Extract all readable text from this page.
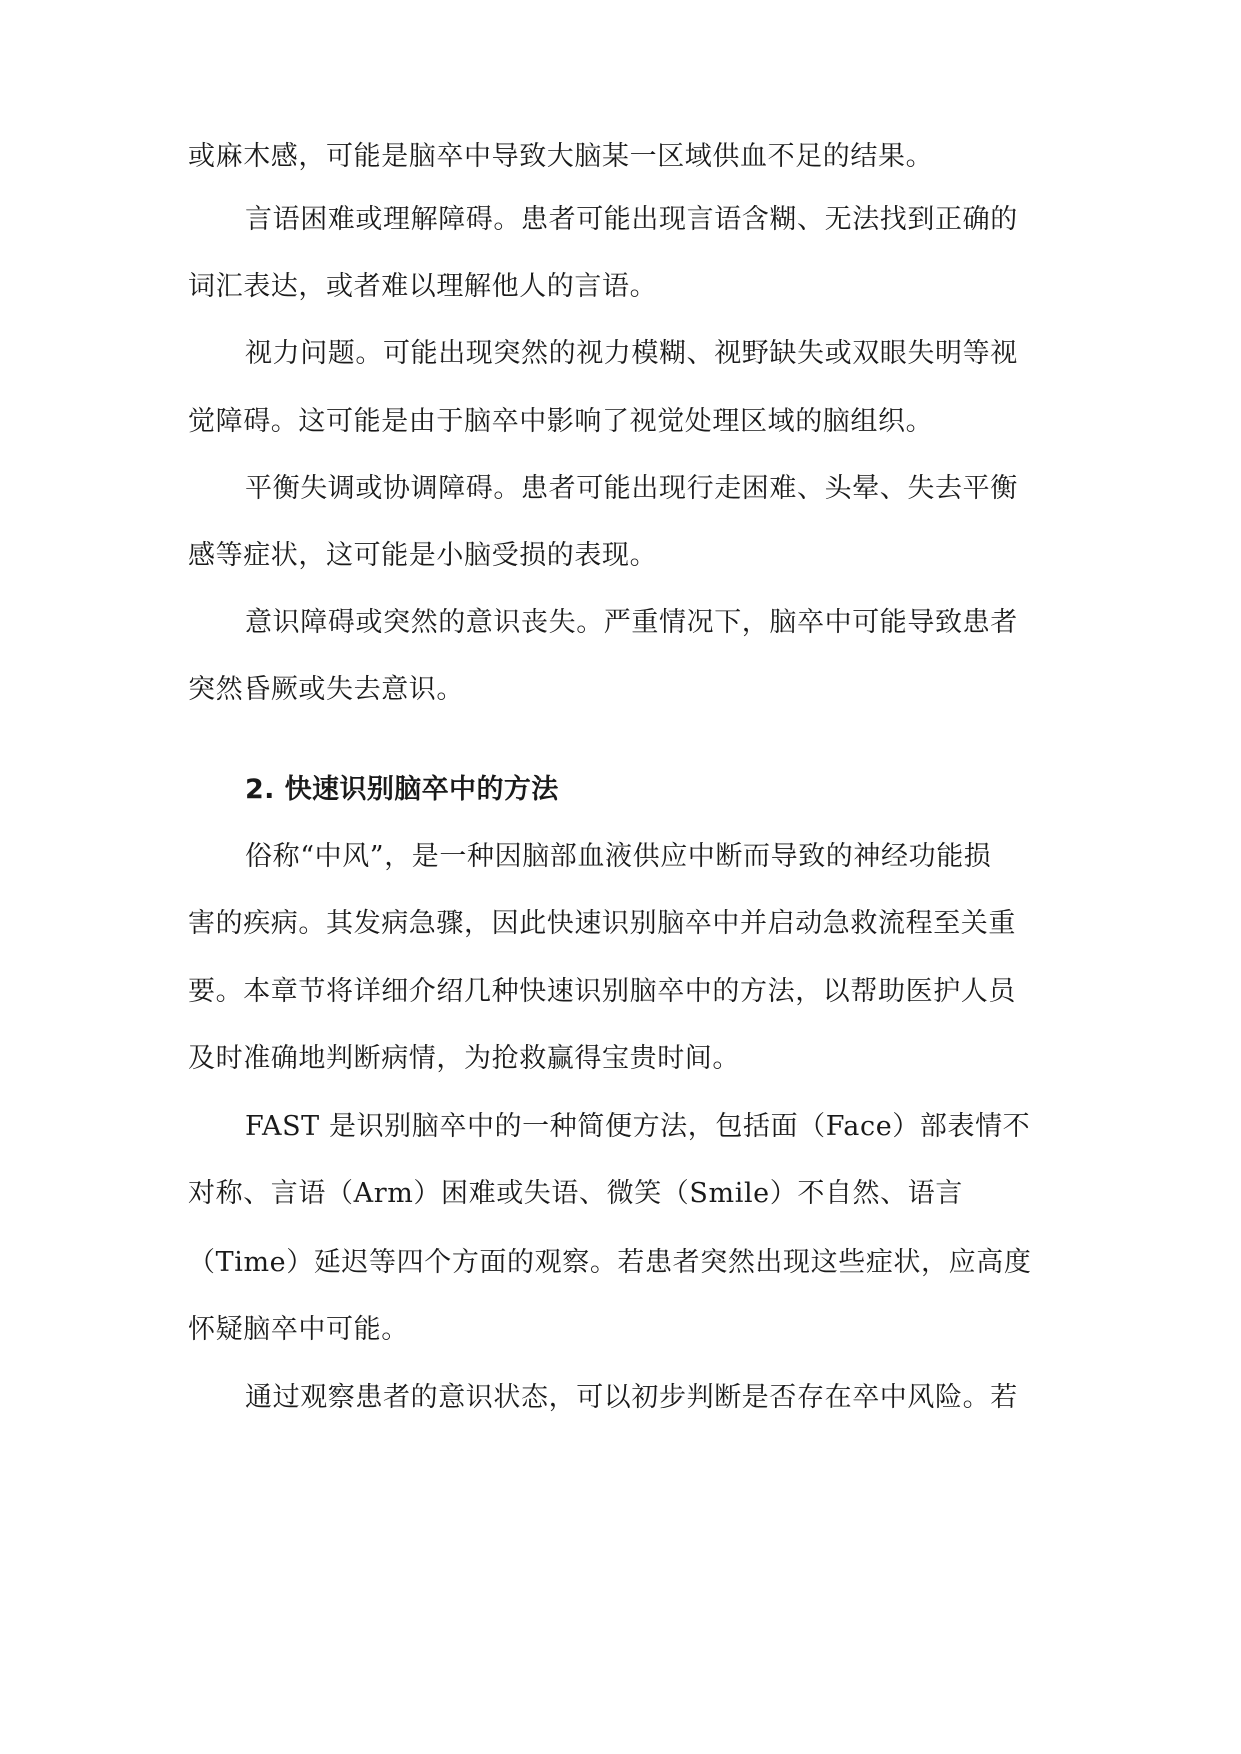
或麻木感，可能是脑卒中导致大脑某一区域供血不足的结果。
言语困难或理解障碍。患者可能出现言语含糊、无法找到正确的
词汇表达，或者难以理解他人的言语。
视力问题。可能出现突然的视力模糊、视野缺失或双眼失明等视
觉障碍。这可能是由于脑卒中影响了视觉处理区域的脑组织。
平衡失调或协调障碍。患者可能出现行走困难、头晕、失去平衡
感等症状，这可能是小脑受损的表现。
意识障碍或突然的意识丧失。严重情况下，脑卒中可能导致患者
突然昏厥或失去意识。
2. 快速识别脑卒中的方法
俗称“中风”，是一种因脑部血液供应中断而导致的神经功能损
害的疾病。其发病急骤，因此快速识别脑卒中并启动急救流程至关重
要。本章节将详细介绍几种快速识别脑卒中的方法，以帮助医护人员
及时准确地判断病情，为抢救赢得宝贵时间。
FAST 是识别脑卒中的一种简便方法，包括面（Face）部表情不
对称、言语（Arm）困难或失语、微笑（Smile）不自然、语言
（Time）延迟等四个方面的观察。若患者突然出现这些症状，应高度
怀疑脑卒中可能。
通过观察患者的意识状态，可以初步判断是否存在卒中风险。若
